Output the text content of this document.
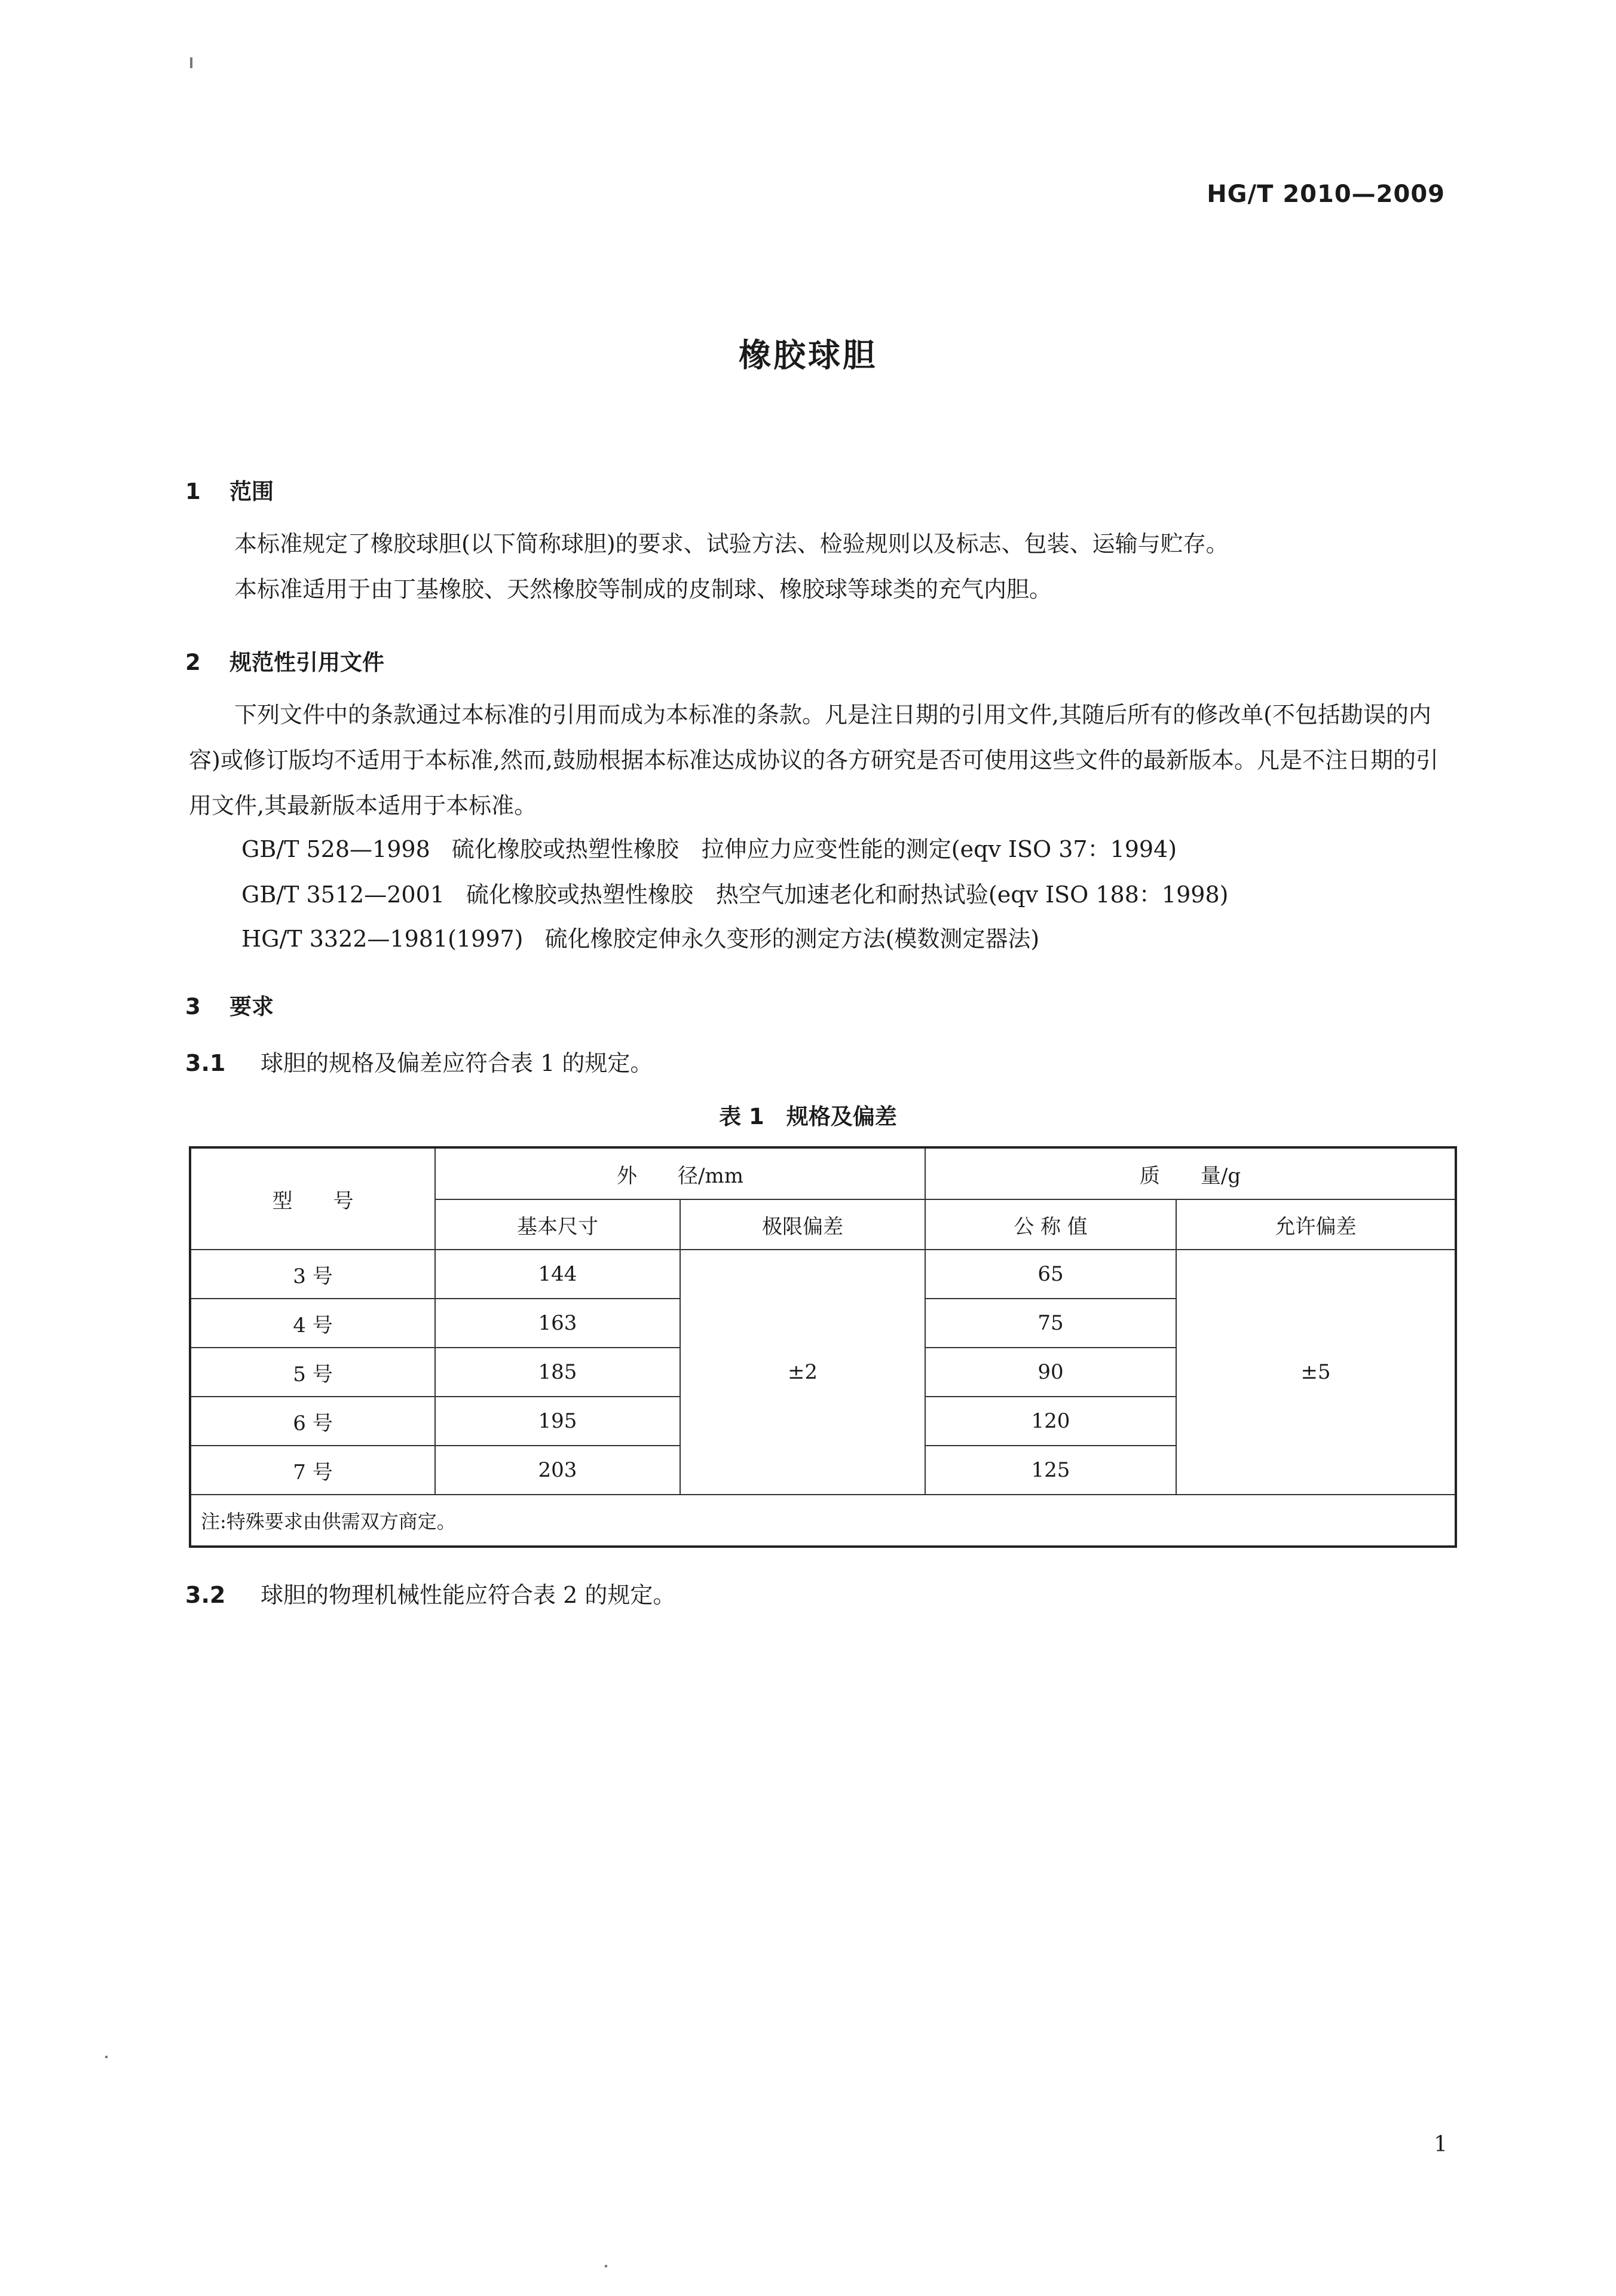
HG/T 2010—2009
橡胶球胆
1 范围

本标准规定了橡胶球胆(以下简称球胆)的要求、试验方法、检验规则以及标志、包装、运输与贮存。

本标准适用于由丁基橡胶、天然橡胶等制成的皮制球、橡胶球等球类的充气内胆。

2 规范性引用文件

下列文件中的条款通过本标准的引用而成为本标准的条款。凡是注日期的引用文件,其随后所有的修改单(不包括勘误的内容)或修订版均不适用于本标准,然而,鼓励根据本标准达成协议的各方研究是否可使用这些文件的最新版本。凡是不注日期的引用文件,其最新版本适用于本标准。

GB/T 528—1998 硫化橡胶或热塑性橡胶　拉伸应力应变性能的测定(eqv ISO 37：1994)
GB/T 3512—2001 硫化橡胶或热塑性橡胶　热空气加速老化和耐热试验(eqv ISO 188：1998)
HG/T 3322—1981(1997) 硫化橡胶定伸永久变形的测定方法(模数测定器法)
3 要求
3.1 球胆的规格及偏差应符合表 1 的规定。
表 1　规格及偏差
型　　号	外　　径/mm		质　　量/g	
	基本尺寸	极限偏差	公 称 值	允许偏差
3 号	144	±2	65	±5
4 号	163		75	
5 号	185		90	
6 号	195		120	
7 号	203		125	
注:特殊要求由供需双方商定。				
3.2 球胆的物理机械性能应符合表 2 的规定。
1
